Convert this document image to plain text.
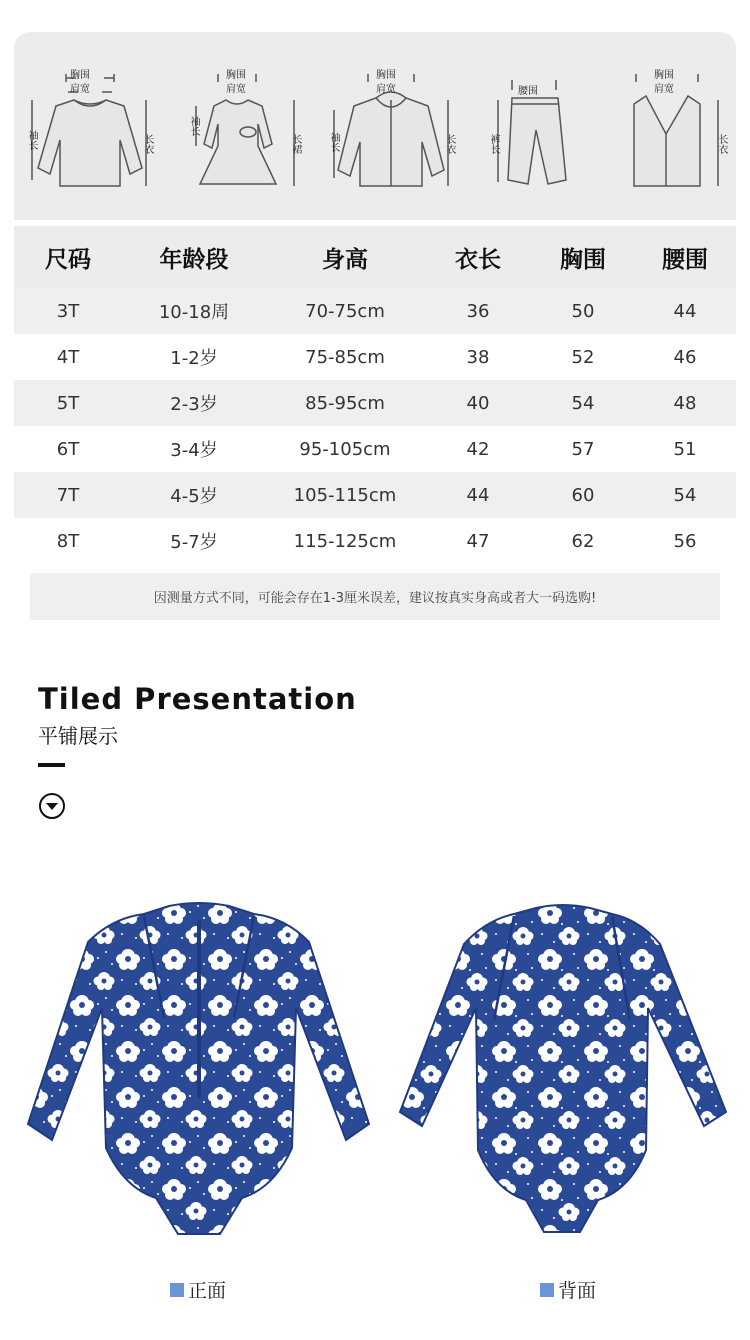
胸围
肩宽
袖长	长衣
胸围
肩宽
袖长
长裙
胸围
肩宽
袖长	长衣
腰围
裤长
胸围
肩宽
长衣
尺码	年龄段	身高	衣长	胸围	腰围
3T	10-18周	70-75cm	36	50	44
4T	1-2岁	75-85cm	38	52	46
5T	2-3岁	85-95cm	40	54	48
6T	3-4岁	95-105cm	42	57	51
7T	4-5岁	105-115cm	44	60	54
8T	5-7岁	115-125cm	47	62	56
因测量方式不同，可能会存在1-3厘米误差，建议按真实身高或者大一码选购!
Tiled Presentation
平铺展示
正面	背面
